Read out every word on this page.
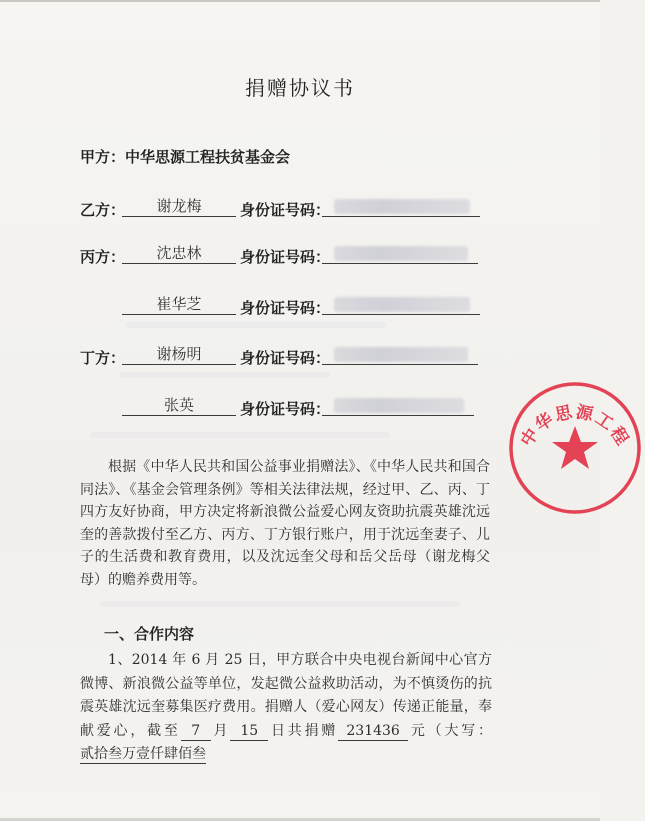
捐赠协议书
甲方：中华思源工程扶贫基金会
乙方：	谢龙梅	身份证号码：
丙方：	沈忠林	身份证号码：
崔华芝	身份证号码：
丁方：	谢杨明	身份证号码：
张英	身份证号码：
根据《中华人民共和国公益事业捐赠法》、《中华人民共和国合同法》、《基金会管理条例》等相关法律法规，经过甲、乙、丙、丁四方友好协商，甲方决定将新浪微公益爱心网友资助抗震英雄沈远奎的善款拨付至乙方、丙方、丁方银行账户，用于沈远奎妻子、儿子的生活费和教育费用，以及沈远奎父母和岳父岳母（谢龙梅父母）的赡养费用等。
一、合作内容
1、2014 年 6 月 25 日，甲方联合中央电视台新闻中心官方微博、新浪微公益等单位，发起微公益救助活动，为不慎烫伤的抗震英雄沈远奎募集医疗费用。捐赠人（爱心网友）传递正能量，奉献爱心，截至 7 月 15 日共捐赠 231436 元（大写：贰拾叁万壹仟肆佰叁
中华思源工程
